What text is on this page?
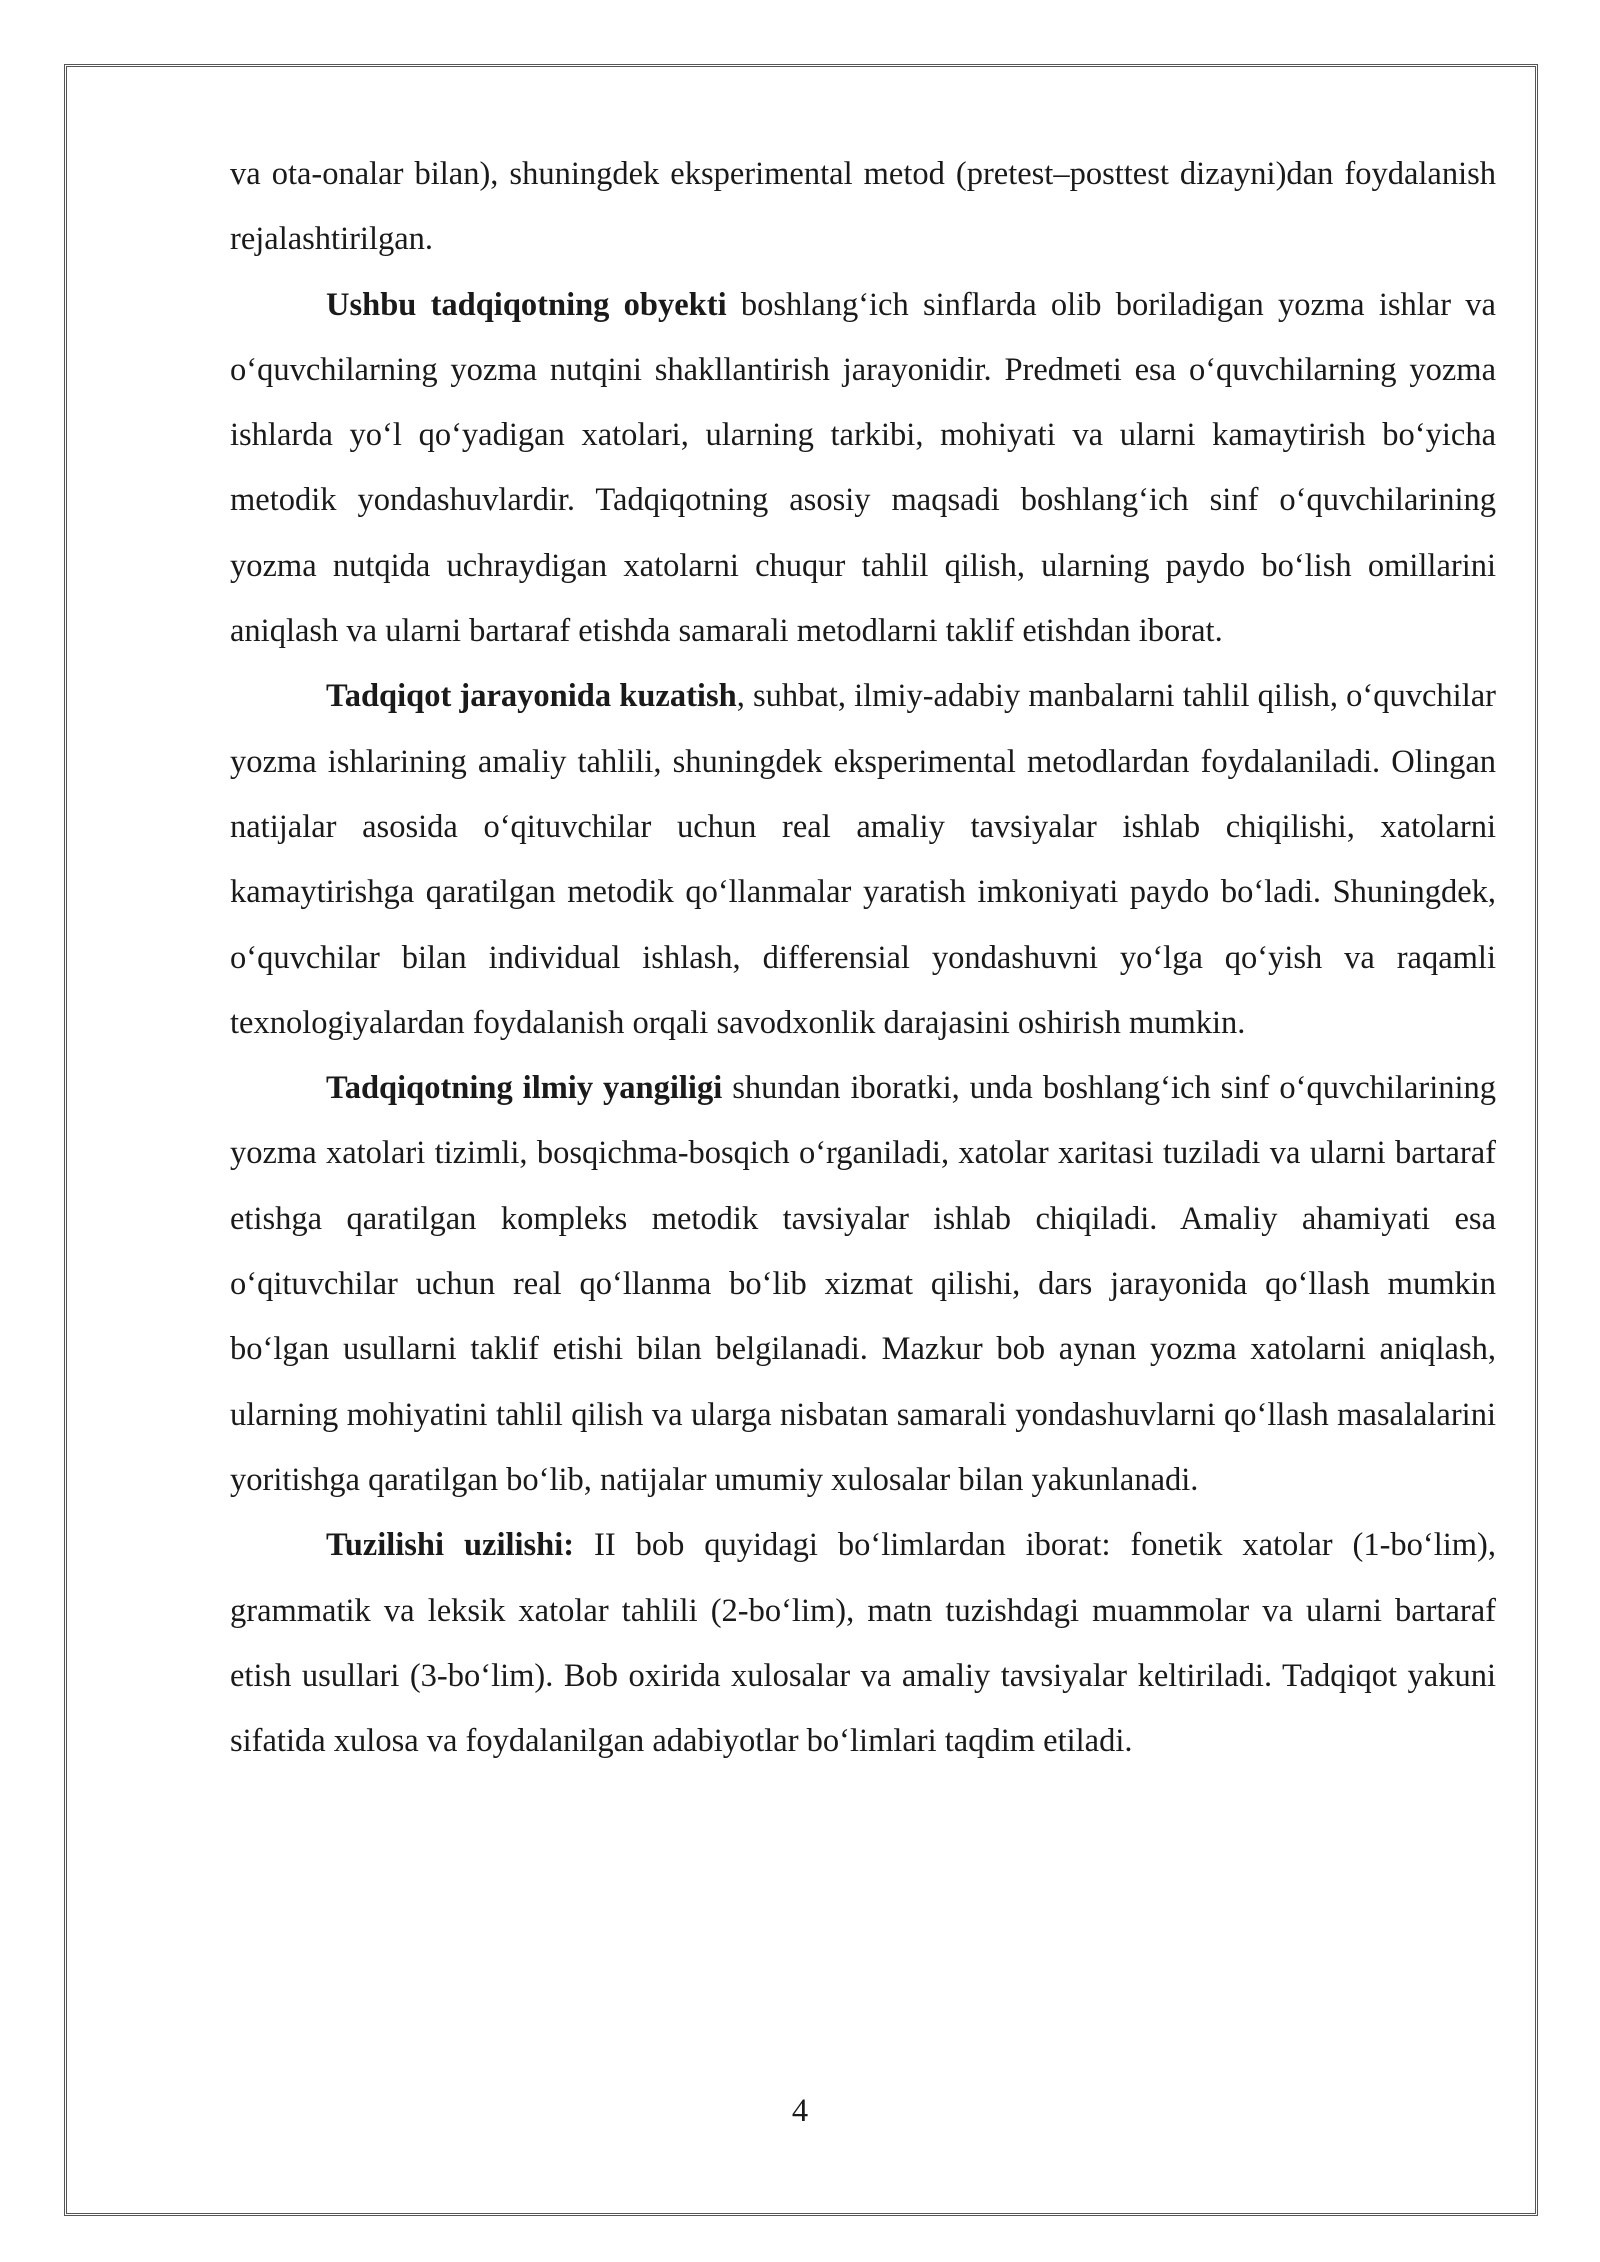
va ota-onalar bilan), shuningdek eksperimental metod (pretest–posttest dizayni)dan foydalanish rejalashtirilgan.

Ushbu tadqiqotning obyekti boshlang‘ich sinflarda olib boriladigan yozma ishlar va o‘quvchilarning yozma nutqini shakllantirish jarayonidir. Predmeti esa o‘quvchilarning yozma ishlarda yo‘l qo‘yadigan xatolari, ularning tarkibi, mohiyati va ularni kamaytirish bo‘yicha metodik yondashuvlardir. Tadqiqotning asosiy maqsadi boshlang‘ich sinf o‘quvchilarining yozma nutqida uchraydigan xatolarni chuqur tahlil qilish, ularning paydo bo‘lish omillarini aniqlash va ularni bartaraf etishda samarali metodlarni taklif etishdan iborat.

Tadqiqot jarayonida kuzatish, suhbat, ilmiy-adabiy manbalarni tahlil qilish, o‘quvchilar yozma ishlarining amaliy tahlili, shuningdek eksperimental metodlardan foydalaniladi. Olingan natijalar asosida o‘qituvchilar uchun real amaliy tavsiyalar ishlab chiqilishi, xatolarni kamaytirishga qaratilgan metodik qo‘llanmalar yaratish imkoniyati paydo bo‘ladi. Shuningdek, o‘quvchilar bilan individual ishlash, differensial yondashuvni yo‘lga qo‘yish va raqamli texnologiyalardan foydalanish orqali savodxonlik darajasini oshirish mumkin.

Tadqiqotning ilmiy yangiligi shundan iboratki, unda boshlang‘ich sinf o‘quvchilarining yozma xatolari tizimli, bosqichma-bosqich o‘rganiladi, xatolar xaritasi tuziladi va ularni bartaraf etishga qaratilgan kompleks metodik tavsiyalar ishlab chiqiladi. Amaliy ahamiyati esa o‘qituvchilar uchun real qo‘llanma bo‘lib xizmat qilishi, dars jarayonida qo‘llash mumkin bo‘lgan usullarni taklif etishi bilan belgilanadi. Mazkur bob aynan yozma xatolarni aniqlash, ularning mohiyatini tahlil qilish va ularga nisbatan samarali yondashuvlarni qo‘llash masalalarini yoritishga qaratilgan bo‘lib, natijalar umumiy xulosalar bilan yakunlanadi.

Tuzilishi uzilishi: II bob quyidagi bo‘limlardan iborat: fonetik xatolar (1-bo‘lim), grammatik va leksik xatolar tahlili (2-bo‘lim), matn tuzishdagi muammolar va ularni bartaraf etish usullari (3-bo‘lim). Bob oxirida xulosalar va amaliy tavsiyalar keltiriladi. Tadqiqot yakuni sifatida xulosa va foydalanilgan adabiyotlar bo‘limlari taqdim etiladi.

4
